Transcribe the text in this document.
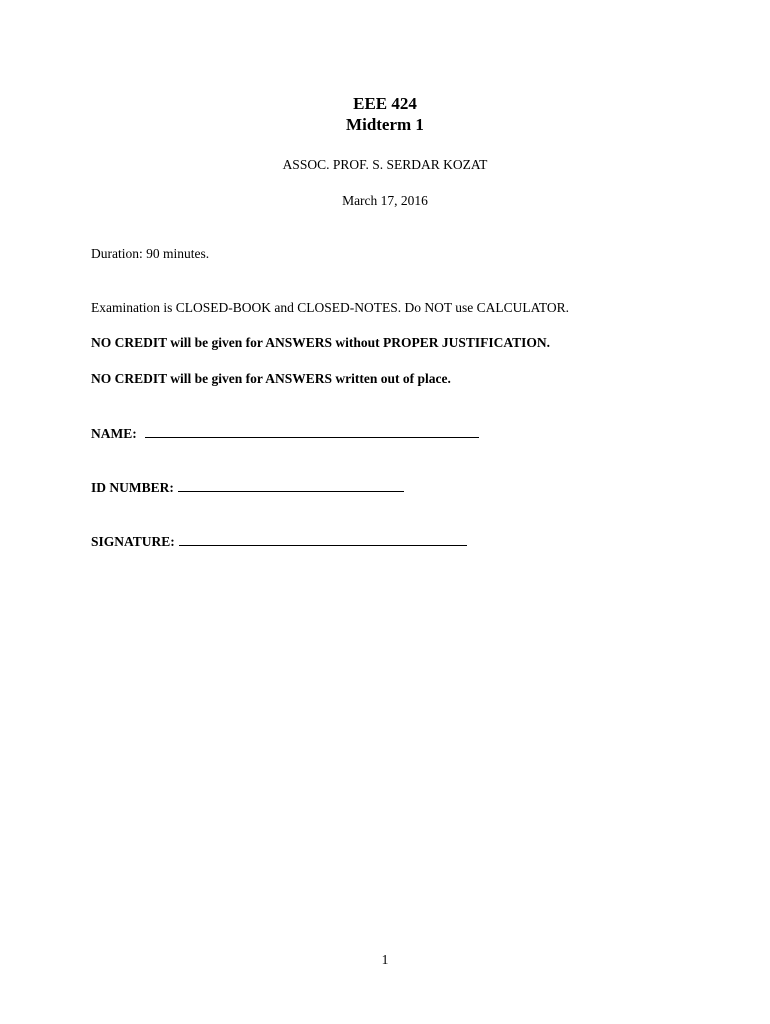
EEE 424
Midterm 1
ASSOC. PROF. S. SERDAR KOZAT
March 17, 2016
Duration: 90 minutes.
Examination is CLOSED-BOOK and CLOSED-NOTES. Do NOT use CALCULATOR.
NO CREDIT will be given for ANSWERS without PROPER JUSTIFICATION.
NO CREDIT will be given for ANSWERS written out of place.
NAME:
ID NUMBER:
SIGNATURE:
1
